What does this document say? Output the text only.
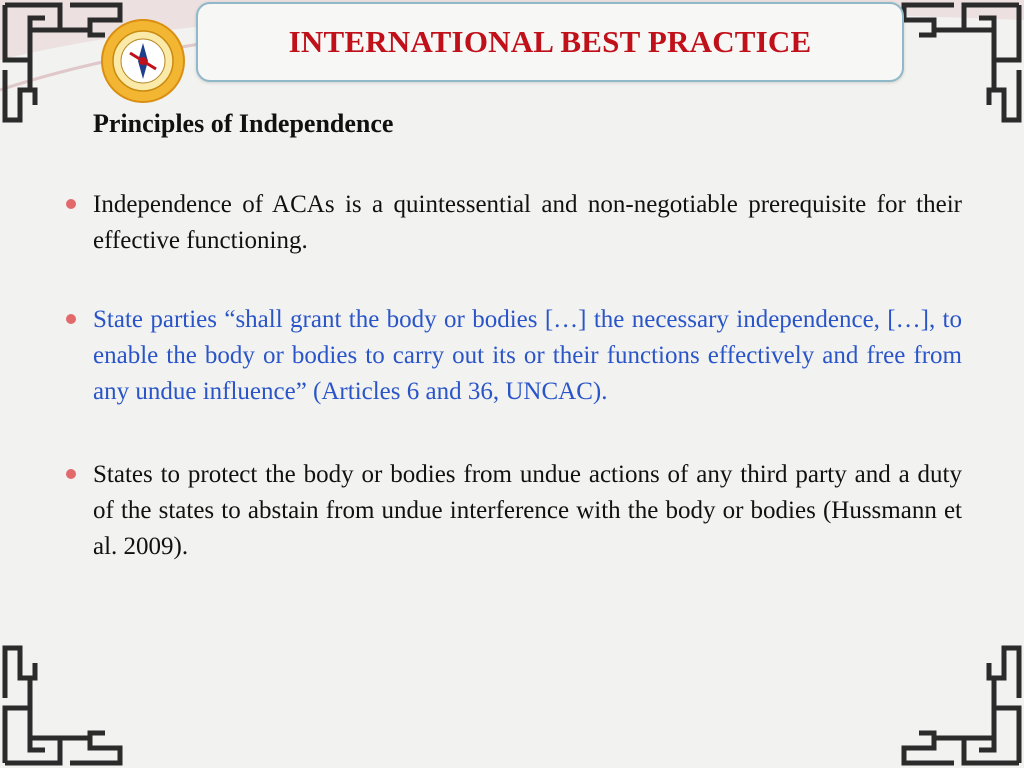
INTERNATIONAL BEST PRACTICE
Principles of Independence
Independence of ACAs is a quintessential and non-negotiable prerequisite for their effective functioning.
State parties “shall grant the body or bodies […] the necessary independence, […], to enable the body or bodies to carry out its or their functions effectively and free from any undue influence” (Articles 6 and 36, UNCAC).
States to protect the body or bodies from undue actions of any third party and a duty of the states to abstain from undue interference with the body or bodies (Hussmann et al. 2009).
